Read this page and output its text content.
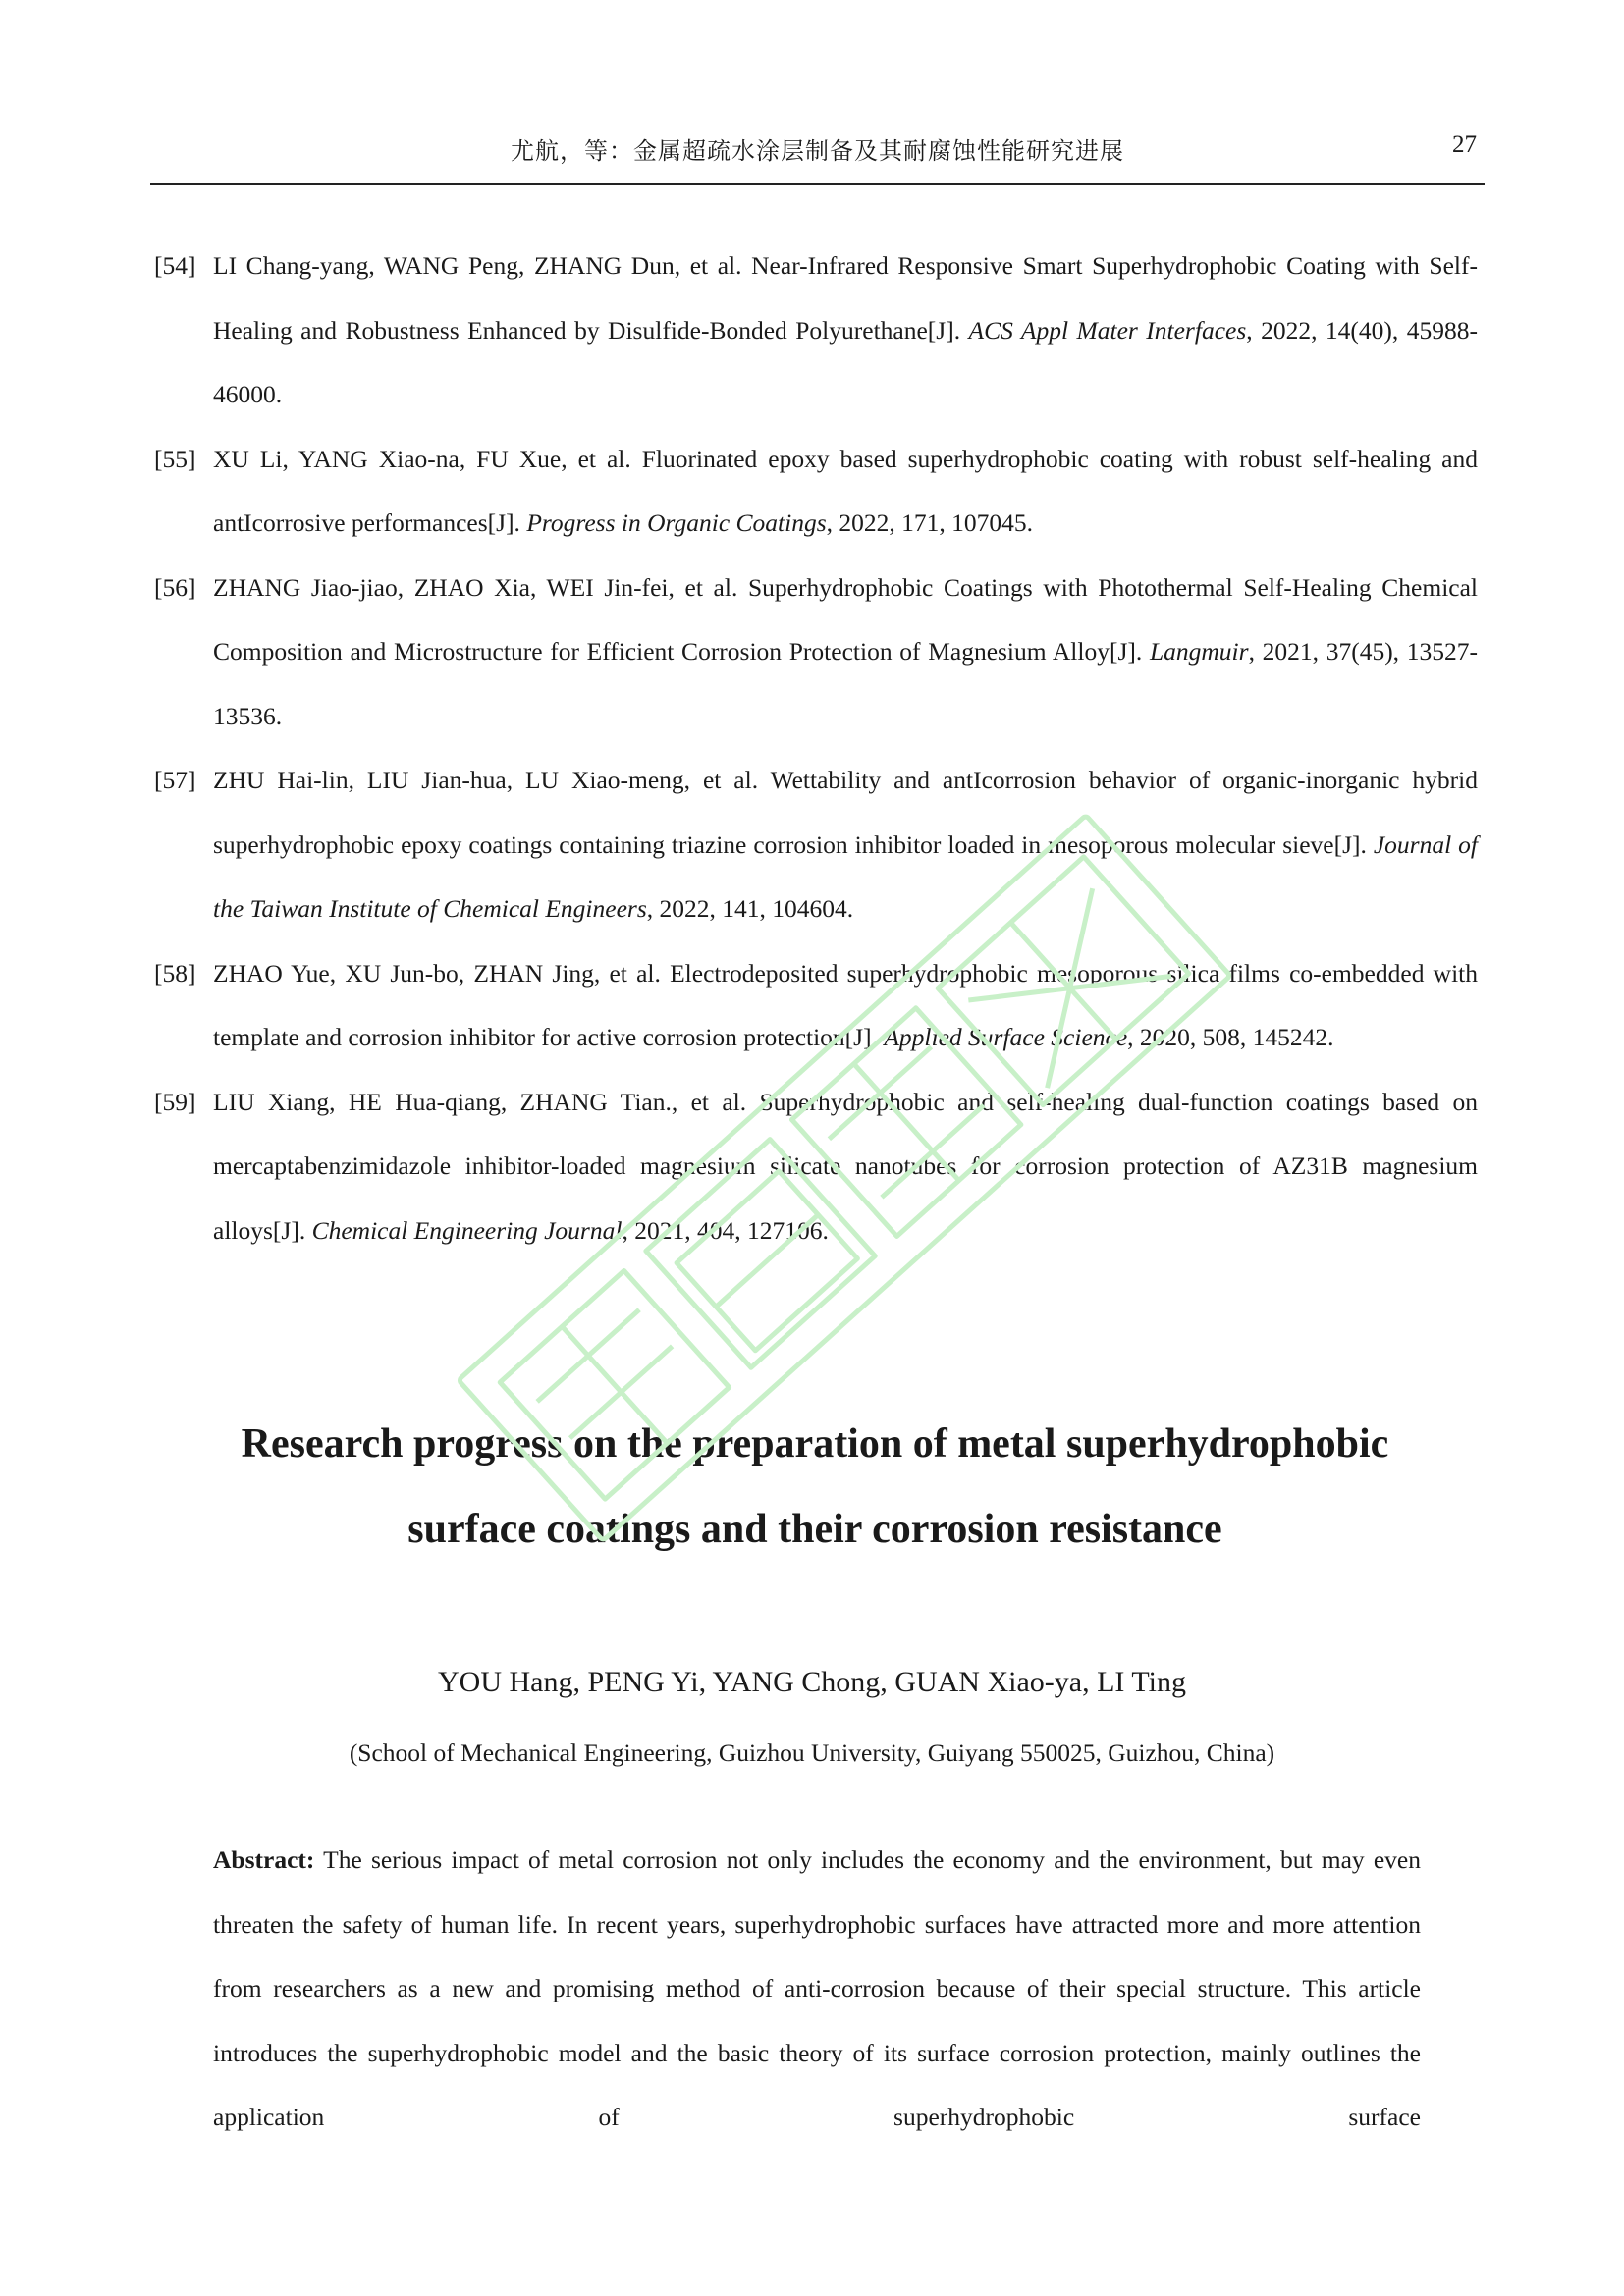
尤航，等：金属超疏水涂层制备及其耐腐蚀性能研究进展	27
[54] LI Chang-yang, WANG Peng, ZHANG Dun, et al. Near-Infrared Responsive Smart Superhydrophobic Coating with Self-Healing and Robustness Enhanced by Disulfide-Bonded Polyurethane[J]. ACS Appl Mater Interfaces, 2022, 14(40), 45988-46000.
[55] XU Li, YANG Xiao-na, FU Xue, et al. Fluorinated epoxy based superhydrophobic coating with robust self-healing and antIcorrosive performances[J]. Progress in Organic Coatings, 2022, 171, 107045.
[56] ZHANG Jiao-jiao, ZHAO Xia, WEI Jin-fei, et al. Superhydrophobic Coatings with Photothermal Self-Healing Chemical Composition and Microstructure for Efficient Corrosion Protection of Magnesium Alloy[J]. Langmuir, 2021, 37(45), 13527-13536.
[57] ZHU Hai-lin, LIU Jian-hua, LU Xiao-meng, et al. Wettability and antIcorrosion behavior of organic-inorganic hybrid superhydrophobic epoxy coatings containing triazine corrosion inhibitor loaded in mesoporous molecular sieve[J]. Journal of the Taiwan Institute of Chemical Engineers, 2022, 141, 104604.
[58] ZHAO Yue, XU Jun-bo, ZHAN Jing, et al. Electrodeposited superhydrophobic mesoporous silica films co-embedded with template and corrosion inhibitor for active corrosion protection[J]. Applied Surface Science, 2020, 508, 145242.
[59] LIU Xiang, HE Hua-qiang, ZHANG Tian., et al. Superhydrophobic and self-healing dual-function coatings based on mercaptabenzimidazole inhibitor-loaded magnesium silicate nanotubes for corrosion protection of AZ31B magnesium alloys[J]. Chemical Engineering Journal, 2021, 404, 127106.
Research progress on the preparation of metal superhydrophobic surface coatings and their corrosion resistance
YOU Hang, PENG Yi, YANG Chong, GUAN Xiao-ya, LI Ting
(School of Mechanical Engineering, Guizhou University, Guiyang 550025, Guizhou, China)
Abstract: The serious impact of metal corrosion not only includes the economy and the environment, but may even threaten the safety of human life. In recent years, superhydrophobic surfaces have attracted more and more attention from researchers as a new and promising method of anti-corrosion because of their special structure. This article introduces the superhydrophobic model and the basic theory of its surface corrosion protection, mainly outlines the application of superhydrophobic surface
